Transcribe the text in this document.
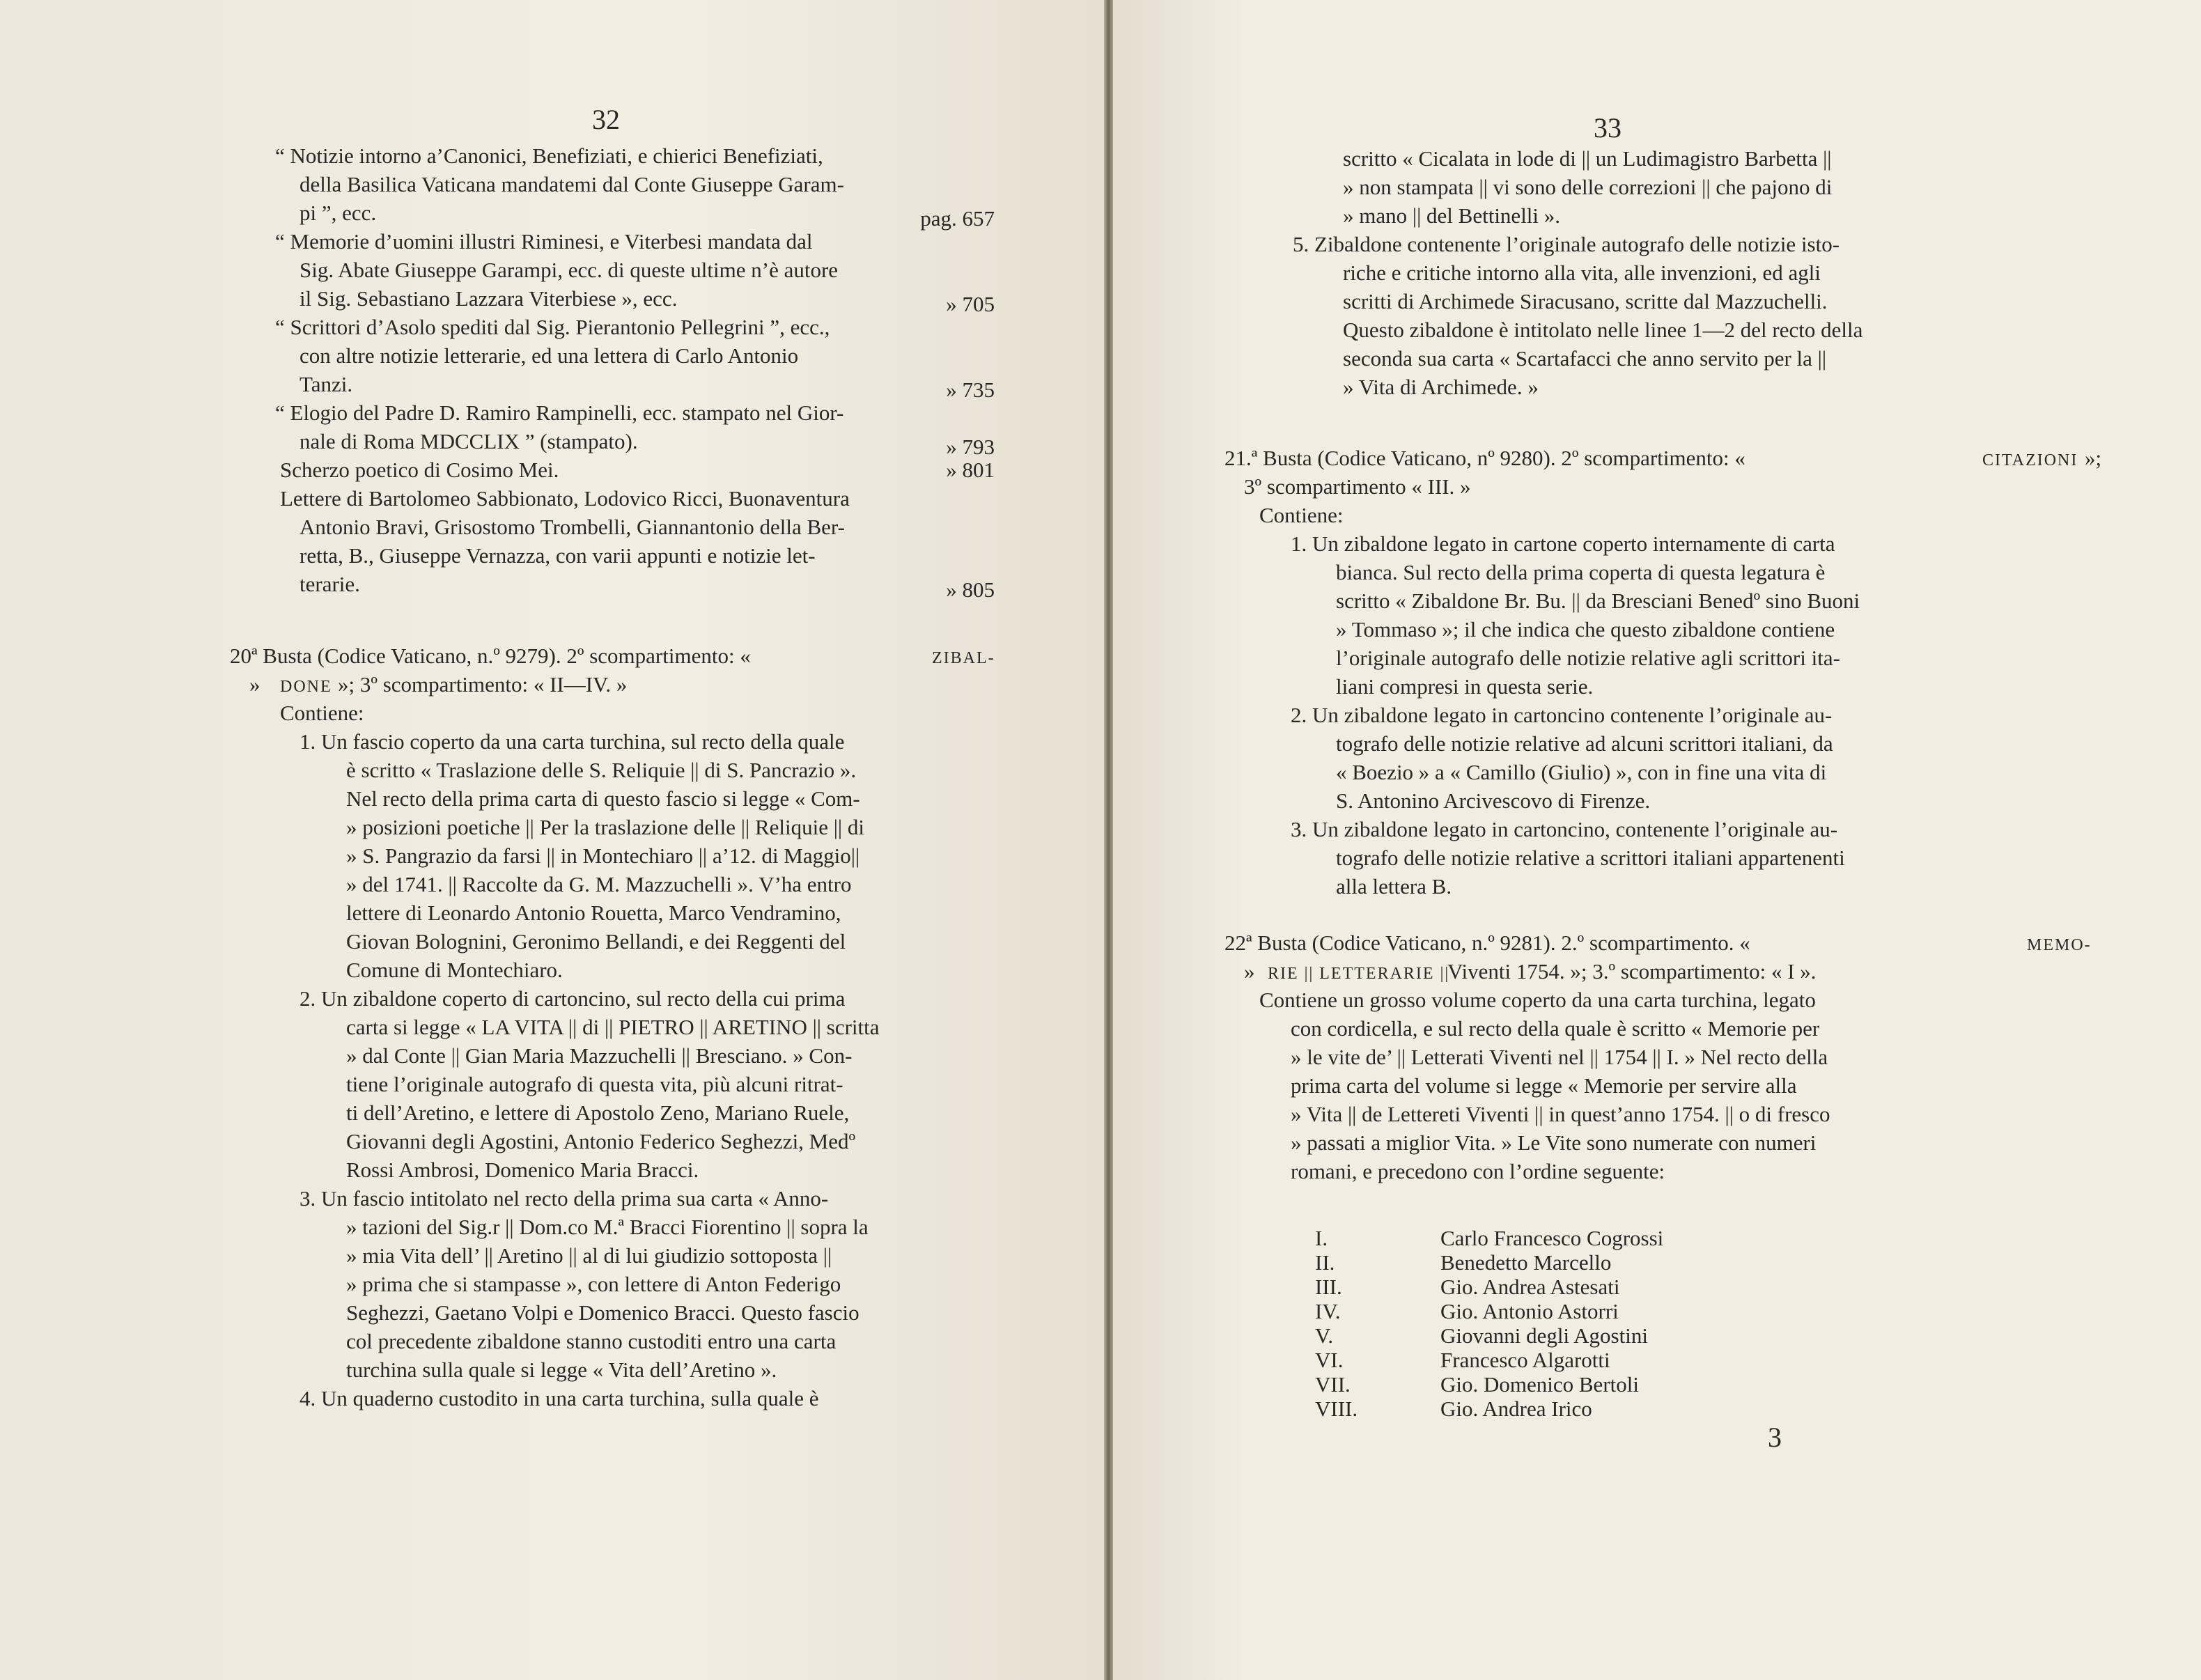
32
“ Notizie intorno a’Canonici, Benefiziati, e chierici Benefiziati,
della Basilica Vaticana mandatemi dal Conte Giuseppe Garam-
pi ”, ecc.	pag. 657
“ Memorie d’uomini illustri Riminesi, e Viterbesi mandata dal
Sig. Abate Giuseppe Garampi, ecc. di queste ultime n’è autore
il Sig. Sebastiano Lazzara Viterbiese », ecc.	» 705
“ Scrittori d’Asolo spediti dal Sig. Pierantonio Pellegrini ”, ecc.,
con altre notizie letterarie, ed una lettera di Carlo Antonio
Tanzi.	» 735
“ Elogio del Padre D. Ramiro Rampinelli, ecc. stampato nel Gior-
nale di Roma MDCCLIX ” (stampato).	» 793
Scherzo poetico di Cosimo Mei.	» 801
Lettere di Bartolomeo Sabbionato, Lodovico Ricci, Buonaventura
Antonio Bravi, Grisostomo Trombelli, Giannantonio della Ber-
retta, B., Giuseppe Vernazza, con varii appunti e notizie let-
terarie.	» 805
20ª Busta (Codice Vaticano, n.º 9279). 2º scompartimento: «	ZIBAL-
» DONE »; 3º scompartimento: « II—IV. »
Contiene:
1. Un fascio coperto da una carta turchina, sul recto della quale
è scritto « Traslazione delle S. Reliquie || di S. Pancrazio ».
Nel recto della prima carta di questo fascio si legge « Com-
» posizioni poetiche || Per la traslazione delle || Reliquie || di
» S. Pangrazio da farsi || in Montechiaro || a’12. di Maggio||
» del 1741. || Raccolte da G. M. Mazzuchelli ». V’ha entro
lettere di Leonardo Antonio Rouetta, Marco Vendramino,
Giovan Bolognini, Geronimo Bellandi, e dei Reggenti del
Comune di Montechiaro.
2. Un zibaldone coperto di cartoncino, sul recto della cui prima
carta si legge « LA VITA || di || PIETRO || ARETINO || scritta
» dal Conte || Gian Maria Mazzuchelli || Bresciano. » Con-
tiene l’originale autografo di questa vita, più alcuni ritrat-
ti dell’Aretino, e lettere di Apostolo Zeno, Mariano Ruele,
Giovanni degli Agostini, Antonio Federico Seghezzi, Medº
Rossi Ambrosi, Domenico Maria Bracci.
3. Un fascio intitolato nel recto della prima sua carta « Anno-
» tazioni del Sig.r || Dom.co M.ª Bracci Fiorentino || sopra la
» mia Vita dell’ || Aretino || al di lui giudizio sottoposta ||
» prima che si stampasse », con lettere di Anton Federigo
Seghezzi, Gaetano Volpi e Domenico Bracci. Questo fascio
col precedente zibaldone stanno custoditi entro una carta
turchina sulla quale si legge « Vita dell’Aretino ».
4. Un quaderno custodito in una carta turchina, sulla quale è
33
scritto « Cicalata in lode di || un Ludimagistro Barbetta ||
» non stampata || vi sono delle correzioni || che pajono di
» mano || del Bettinelli ».
5. Zibaldone contenente l’originale autografo delle notizie isto-
riche e critiche intorno alla vita, alle invenzioni, ed agli
scritti di Archimede Siracusano, scritte dal Mazzuchelli.
Questo zibaldone è intitolato nelle linee 1—2 del recto della
seconda sua carta « Scartafacci che anno servito per la ||
» Vita di Archimede. »
21.ª Busta (Codice Vaticano, nº 9280). 2º scompartimento: «	CITAZIONI »;
3º scompartimento « III. »
Contiene:
1. Un zibaldone legato in cartone coperto internamente di carta
bianca. Sul recto della prima coperta di questa legatura è
scritto « Zibaldone Br. Bu. || da Bresciani Benedº sino Buoni
» Tommaso »; il che indica che questo zibaldone contiene
l’originale autografo delle notizie relative agli scrittori ita-
liani compresi in questa serie.
2. Un zibaldone legato in cartoncino contenente l’originale au-
tografo delle notizie relative ad alcuni scrittori italiani, da
« Boezio » a « Camillo (Giulio) », con in fine una vita di
S. Antonino Arcivescovo di Firenze.
3. Un zibaldone legato in cartoncino, contenente l’originale au-
tografo delle notizie relative a scrittori italiani appartenenti
alla lettera B.
22ª Busta (Codice Vaticano, n.º 9281). 2.º scompartimento. «	MEMO-
» RIE || LETTERARIE ||
Viventi 1754. »; 3.º scompartimento: « I ».
Contiene un grosso volume coperto da una carta turchina, legato
con cordicella, e sul recto della quale è scritto « Memorie per
» le vite de’ || Letterati Viventi nel || 1754 || I. » Nel recto della
prima carta del volume si legge « Memorie per servire alla
» Vita || de Lettereti Viventi || in quest’anno 1754. || o di fresco
» passati a miglior Vita. » Le Vite sono numerate con numeri
romani, e precedono con l’ordine seguente:
I.	Carlo Francesco Cogrossi
II.	Benedetto Marcello
III.	Gio. Andrea Astesati
IV.	Gio. Antonio Astorri
V.	Giovanni degli Agostini
VI.	Francesco Algarotti
VII.	Gio. Domenico Bertoli
VIII.	Gio. Andrea Irico
3
